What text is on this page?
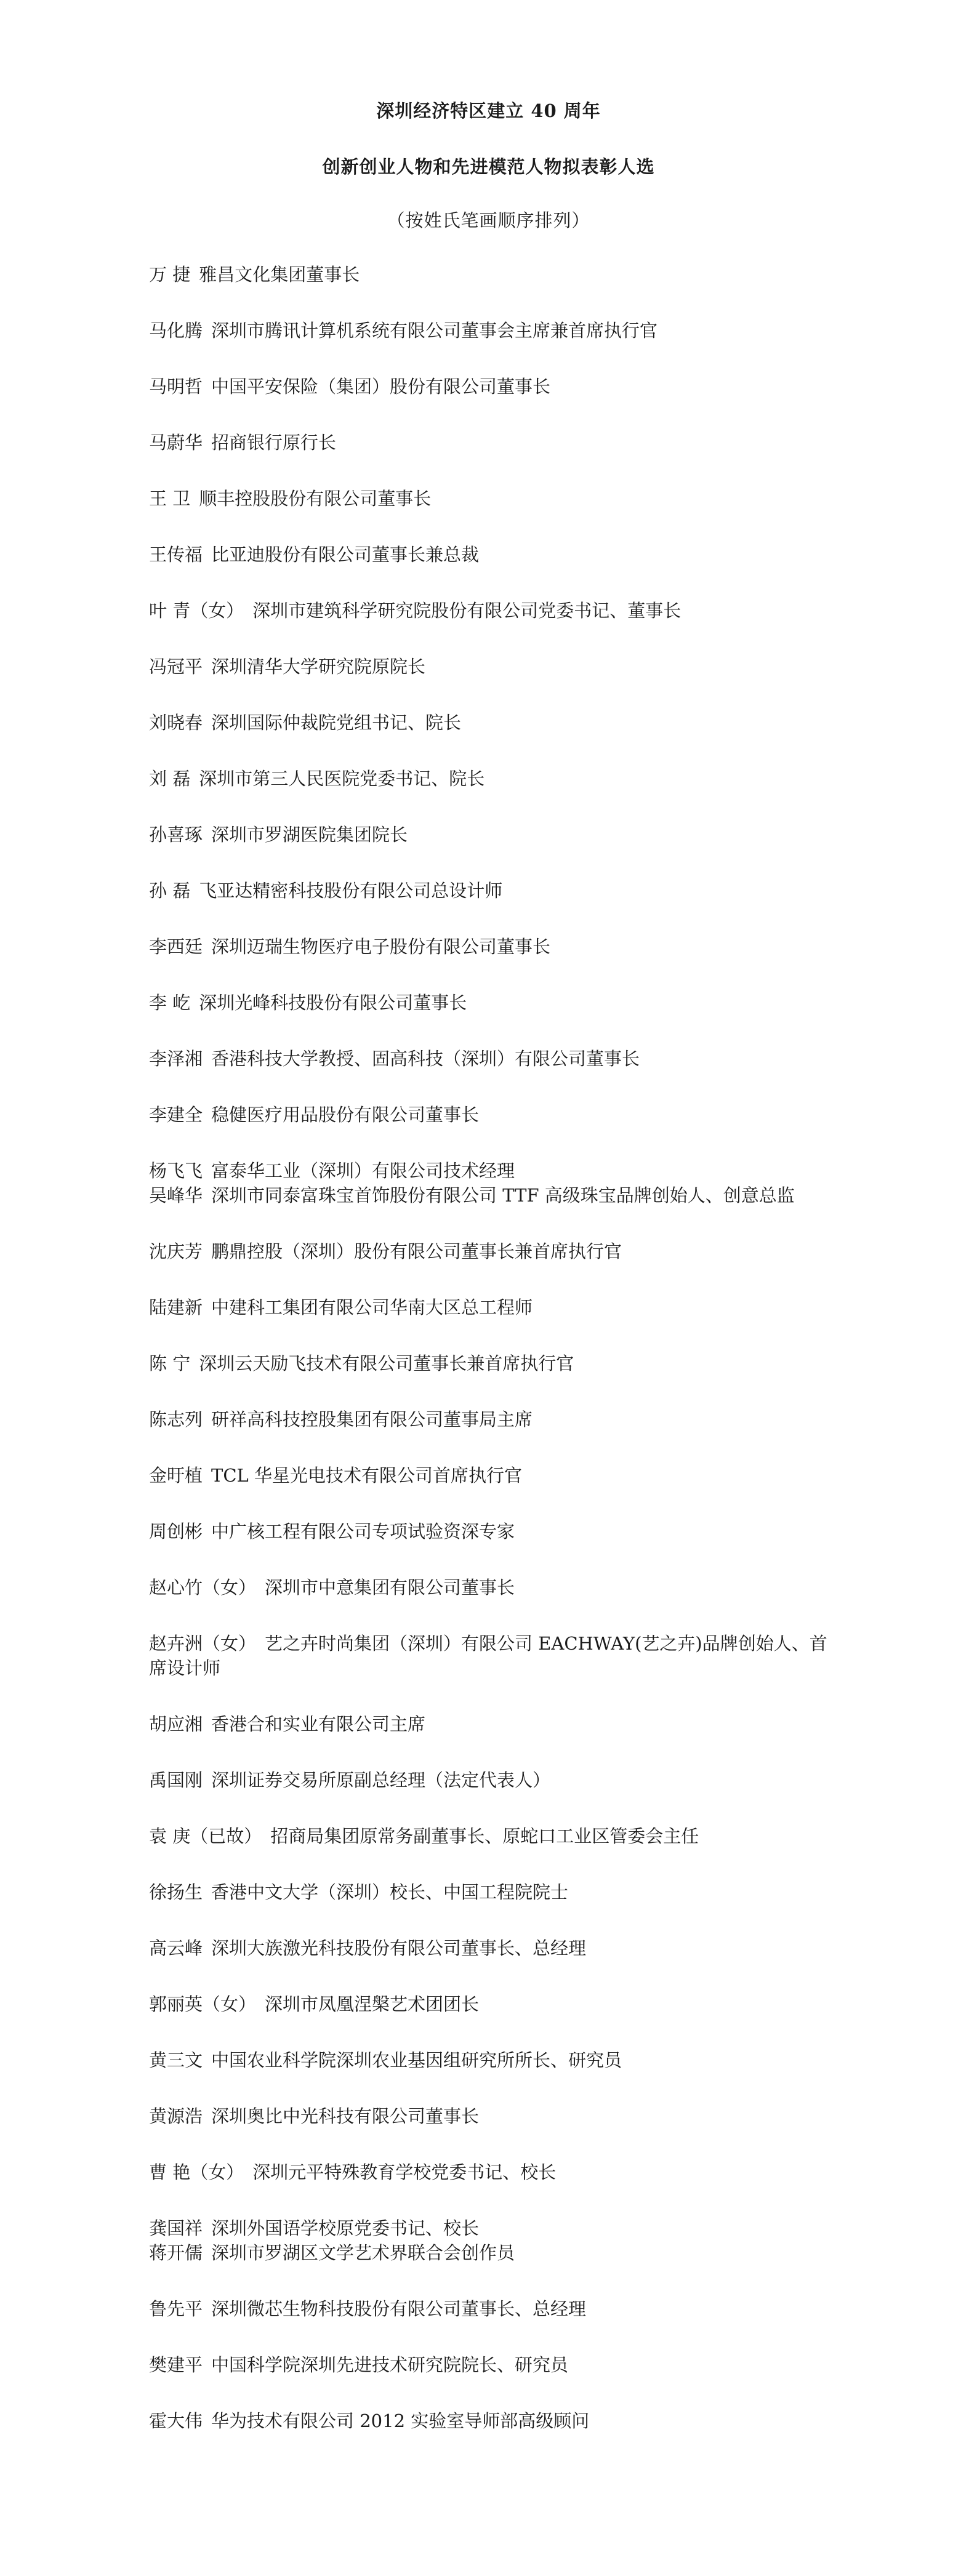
深圳经济特区建立 40 周年
创新创业人物和先进模范人物拟表彰人选
（按姓氏笔画顺序排列）
万 捷 雅昌文化集团董事长
马化腾 深圳市腾讯计算机系统有限公司董事会主席兼首席执行官
马明哲 中国平安保险（集团）股份有限公司董事长
马蔚华 招商银行原行长
王 卫 顺丰控股股份有限公司董事长
王传福 比亚迪股份有限公司董事长兼总裁
叶 青（女） 深圳市建筑科学研究院股份有限公司党委书记、董事长
冯冠平 深圳清华大学研究院原院长
刘晓春 深圳国际仲裁院党组书记、院长
刘 磊 深圳市第三人民医院党委书记、院长
孙喜琢 深圳市罗湖医院集团院长
孙 磊 飞亚达精密科技股份有限公司总设计师
李西廷 深圳迈瑞生物医疗电子股份有限公司董事长
李 屹 深圳光峰科技股份有限公司董事长
李泽湘 香港科技大学教授、固高科技（深圳）有限公司董事长
李建全 稳健医疗用品股份有限公司董事长
杨飞飞 富泰华工业（深圳）有限公司技术经理
吴峰华 深圳市同泰富珠宝首饰股份有限公司 TTF 高级珠宝品牌创始人、创意总监
沈庆芳 鹏鼎控股（深圳）股份有限公司董事长兼首席执行官
陆建新 中建科工集团有限公司华南大区总工程师
陈 宁 深圳云天励飞技术有限公司董事长兼首席执行官
陈志列 研祥高科技控股集团有限公司董事局主席
金旴植 TCL 华星光电技术有限公司首席执行官
周创彬 中广核工程有限公司专项试验资深专家
赵心竹（女） 深圳市中意集团有限公司董事长
赵卉洲（女） 艺之卉时尚集团（深圳）有限公司 EACHWAY(艺之卉)品牌创始人、首席设计师
胡应湘 香港合和实业有限公司主席
禹国刚 深圳证券交易所原副总经理（法定代表人）
袁 庚（已故） 招商局集团原常务副董事长、原蛇口工业区管委会主任
徐扬生 香港中文大学（深圳）校长、中国工程院院士
高云峰 深圳大族激光科技股份有限公司董事长、总经理
郭丽英（女） 深圳市凤凰涅槃艺术团团长
黄三文 中国农业科学院深圳农业基因组研究所所长、研究员
黄源浩 深圳奥比中光科技有限公司董事长
曹 艳（女） 深圳元平特殊教育学校党委书记、校长
龚国祥 深圳外国语学校原党委书记、校长
蒋开儒 深圳市罗湖区文学艺术界联合会创作员
鲁先平 深圳微芯生物科技股份有限公司董事长、总经理
樊建平 中国科学院深圳先进技术研究院院长、研究员
霍大伟 华为技术有限公司 2012 实验室导师部高级顾问
